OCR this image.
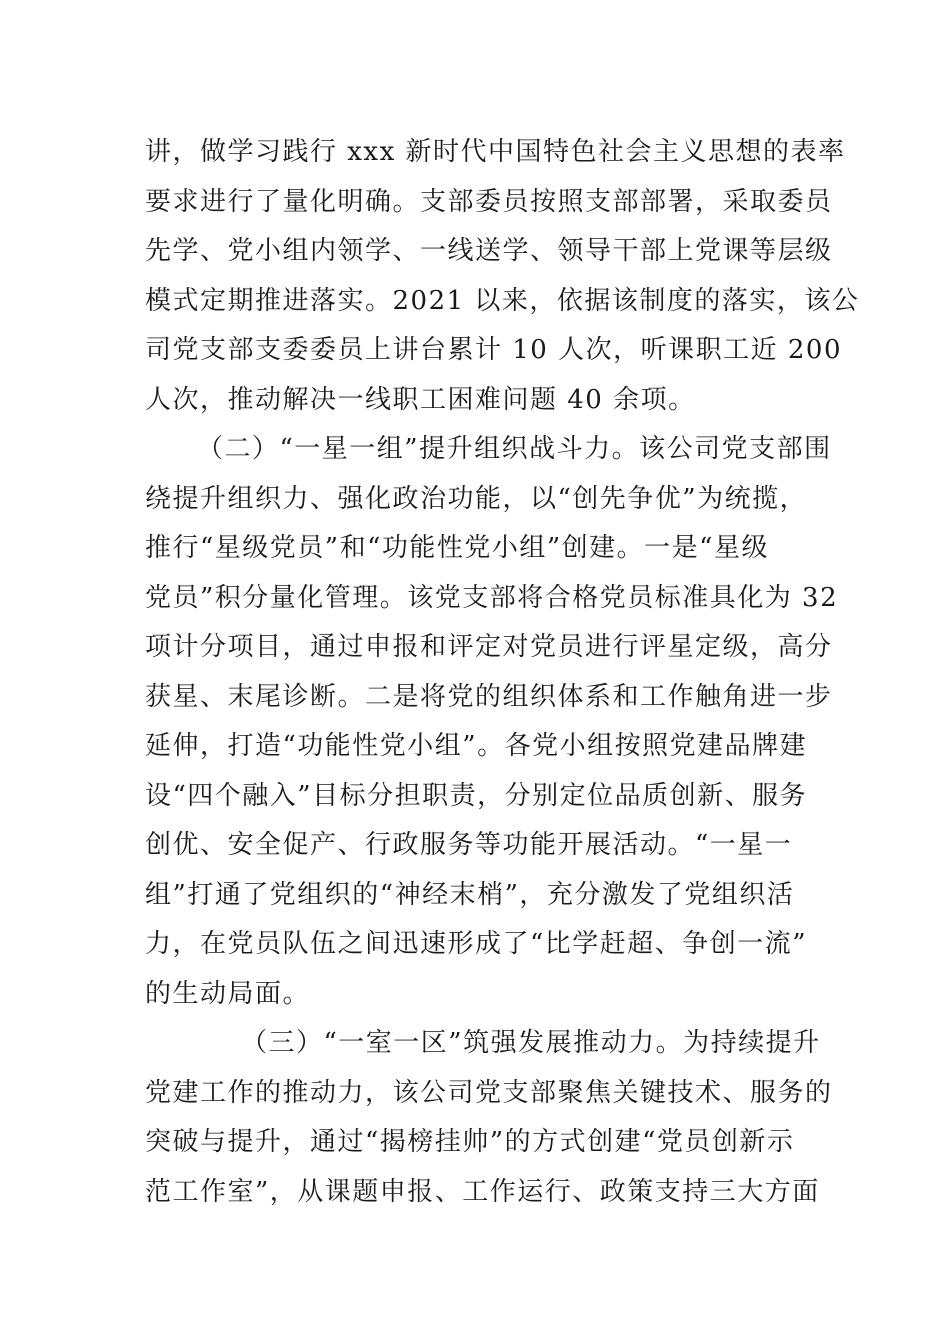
讲，做学习践行 xxx 新时代中国特色社会主义思想的表率
要求进行了量化明确。支部委员按照支部部署，采取委员
先学、党小组内领学、一线送学、领导干部上党课等层级
模式定期推进落实。2021 以来，依据该制度的落实，该公
司党支部支委委员上讲台累计 10 人次，听课职工近 200
人次，推动解决一线职工困难问题 40 余项。
（二）“一星一组”提升组织战斗力。该公司党支部围
绕提升组织力、强化政治功能，以“创先争优”为统揽，
推行“星级党员”和“功能性党小组”创建。一是“星级
党员”积分量化管理。该党支部将合格党员标准具化为 32
项计分项目，通过申报和评定对党员进行评星定级，高分
获星、末尾诊断。二是将党的组织体系和工作触角进一步
延伸，打造“功能性党小组”。各党小组按照党建品牌建
设“四个融入”目标分担职责，分别定位品质创新、服务
创优、安全促产、行政服务等功能开展活动。“一星一
组”打通了党组织的“神经末梢”，充分激发了党组织活
力，在党员队伍之间迅速形成了“比学赶超、争创一流”
的生动局面。
（三）“一室一区”筑强发展推动力。为持续提升
党建工作的推动力，该公司党支部聚焦关键技术、服务的
突破与提升，通过“揭榜挂帅”的方式创建“党员创新示
范工作室”，从课题申报、工作运行、政策支持三大方面
